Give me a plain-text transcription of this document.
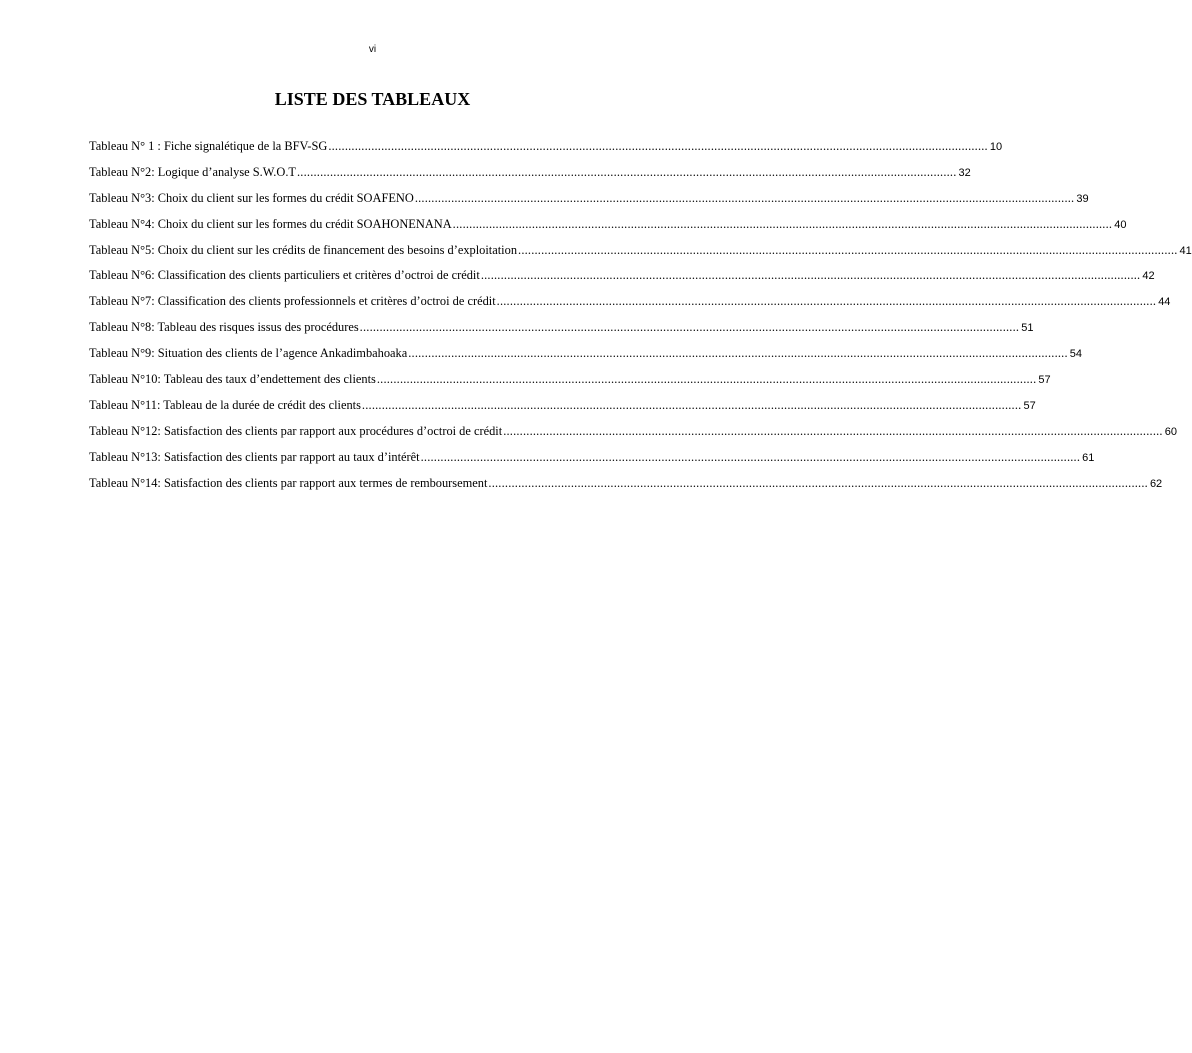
vi
LISTE DES TABLEAUX
Tableau N° 1 : Fiche signalétique de la BFV-SG ........................................................................................................................................................................................................ 10
Tableau N°2: Logique d’analyse S.W.O.T ........................................................................................................................................................................................................ 32
Tableau N°3: Choix du client sur les formes du crédit SOAFENO ........................................................................................................................................................................................................ 39
Tableau N°4: Choix du client sur les formes du crédit SOAHONENANA ........................................................................................................................................................................................................ 40
Tableau N°5: Choix du client sur les crédits de financement des besoins d’exploitation ........................................................................................................................................................................................................ 41
Tableau N°6: Classification des clients particuliers et critères d’octroi de crédit ........................................................................................................................................................................................................ 42
Tableau N°7: Classification des clients professionnels et critères d’octroi de crédit ........................................................................................................................................................................................................ 44
Tableau N°8: Tableau des risques issus des procédures ........................................................................................................................................................................................................ 51
Tableau N°9: Situation des clients de l’agence Ankadimbahoaka ........................................................................................................................................................................................................ 54
Tableau N°10: Tableau des taux d’endettement des clients ........................................................................................................................................................................................................ 57
Tableau N°11: Tableau de la durée de crédit des clients ........................................................................................................................................................................................................ 57
Tableau N°12: Satisfaction des clients par rapport aux procédures d’octroi de crédit ........................................................................................................................................................................................................ 60
Tableau N°13: Satisfaction des clients par rapport au taux d’intérêt ........................................................................................................................................................................................................ 61
Tableau N°14: Satisfaction des clients par rapport aux termes de remboursement ........................................................................................................................................................................................................ 62
